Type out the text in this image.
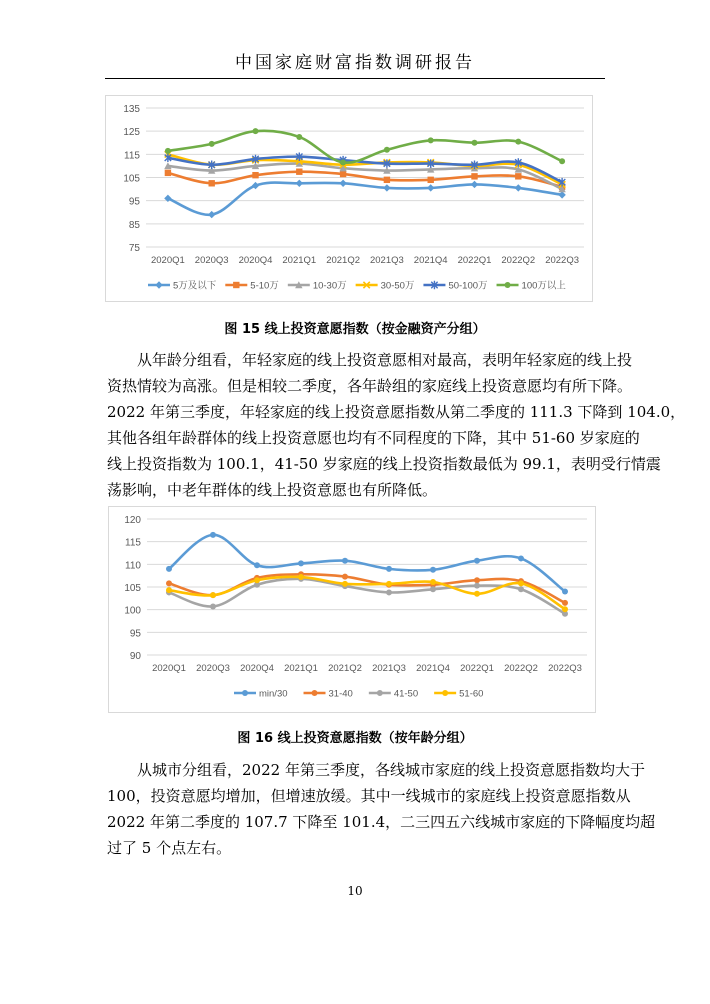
中国家庭财富指数调研报告
75
85
95
105
115
125
135
2020Q1 2020Q3 2020Q4 2021Q1 2021Q2 2021Q3 2021Q4 2022Q1 2022Q2 2022Q3
5万及以下	5-10万	10-30万	30-50万	50-100万	100万以上
图 15 线上投资意愿指数（按金融资产分组）
从年龄分组看，年轻家庭的线上投资意愿相对最高，表明年轻家庭的线上投
资热情较为高涨。但是相较二季度，各年龄组的家庭线上投资意愿均有所下降。
2022 年第三季度，年轻家庭的线上投资意愿指数从第二季度的 111.3 下降到 104.0，
其他各组年龄群体的线上投资意愿也均有不同程度的下降，其中 51-60 岁家庭的
线上投资指数为 100.1，41-50 岁家庭的线上投资指数最低为 99.1，表明受行情震
荡影响，中老年群体的线上投资意愿也有所降低。
90
95
100
105
110
115
120
2020Q1 2020Q3 2020Q4 2021Q1 2021Q2 2021Q3 2021Q4 2022Q1 2022Q2 2022Q3
min/30	31-40	41-50	51-60
图 16 线上投资意愿指数（按年龄分组）
从城市分组看，2022 年第三季度，各线城市家庭的线上投资意愿指数均大于
100，投资意愿均增加，但增速放缓。其中一线城市的家庭线上投资意愿指数从
2022 年第二季度的 107.7 下降至 101.4，二三四五六线城市家庭的下降幅度均超
过了 5 个点左右。
10
